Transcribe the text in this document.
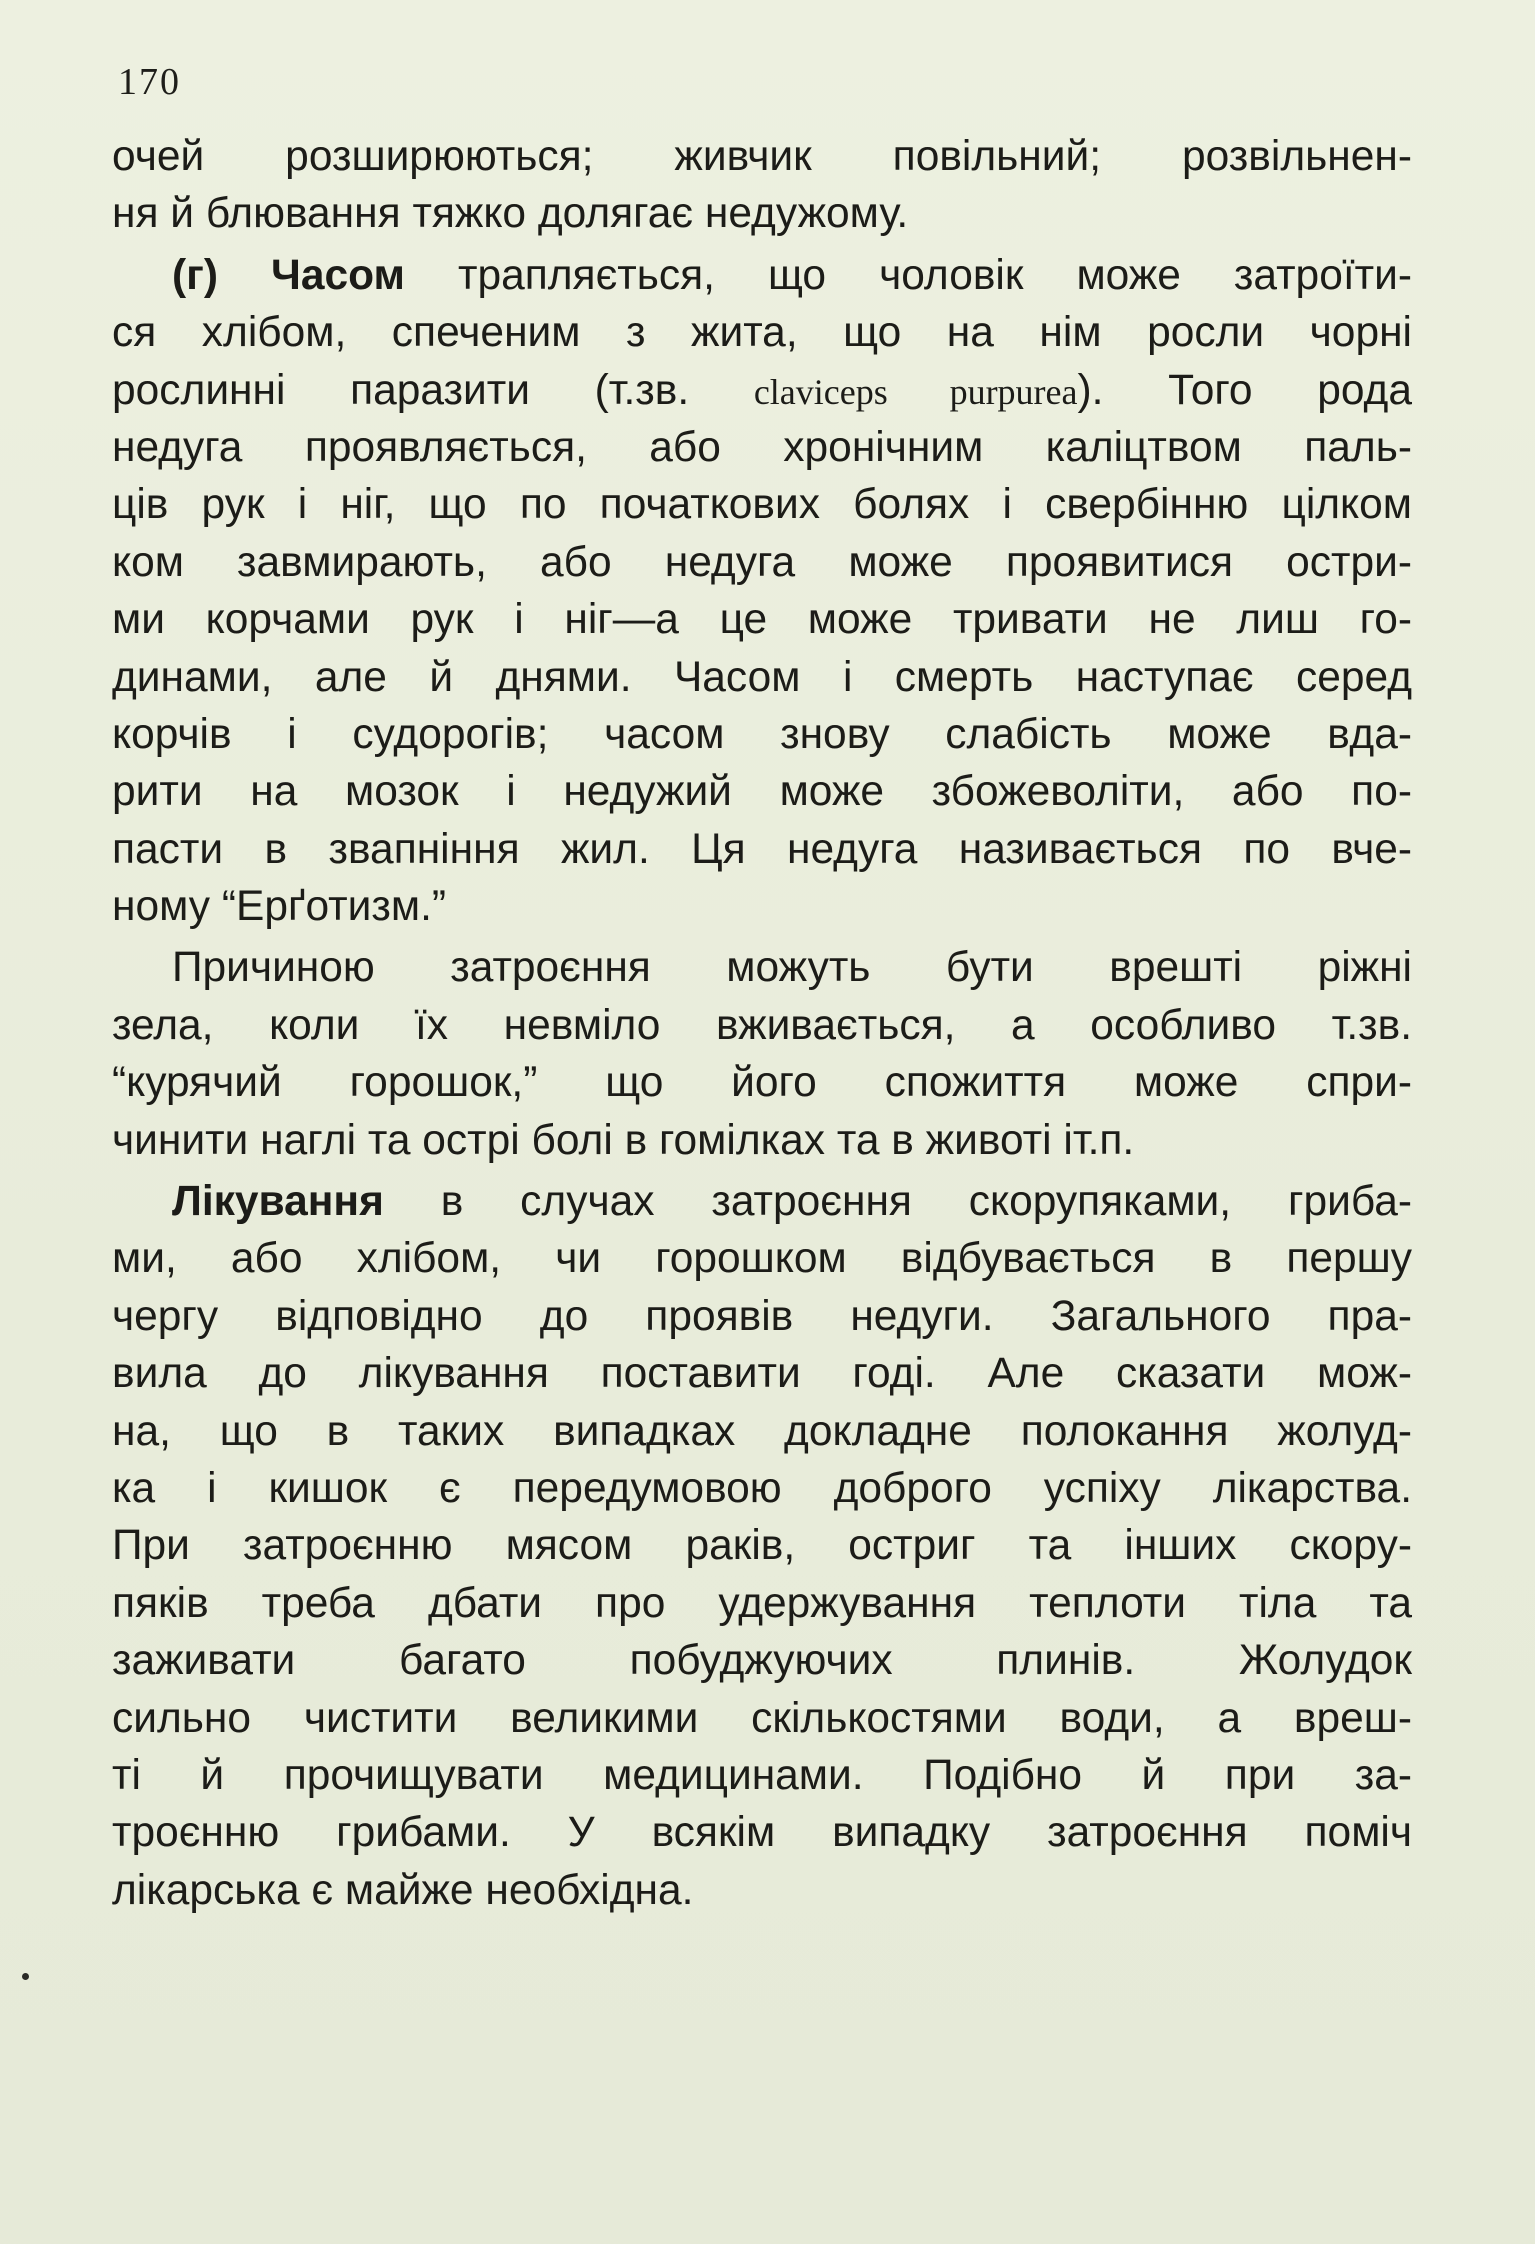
170
очей розширюються; живчик повільний; розвільнен-
ня й блювання тяжко долягає недужому.
(г) Часом трапляється, що чоловік може затроїти-
ся хлібом, спеченим з жита, що на нім росли чорні
рослинні паразити (т.зв. claviceps purpurea). Того рода
недуга проявляється, або хронічним каліцтвом паль-
ців рук і ніг, що по початкових болях і свербінню цілком
ком завмирають, або недуга може проявитися остри-
ми корчами рук і ніг—а це може тривати не лиш го-
динами, але й днями. Часом і смерть наступає серед
корчів і судорогів; часом знову слабість може вда-
рити на мозок і недужий може збожеволіти, або по-
пасти в звапніння жил. Ця недуга називається по вче-
ному “Ерґотизм.”
Причиною затроєння можуть бути врешті ріжні
зела, коли їх невміло вживається, а особливо т.зв.
“курячий горошок,” що його спожиття може спри-
чинити наглі та острі болі в гомілках та в животі іт.п.
Лікування в случах затроєння скорупяками, гриба-
ми, або хлібом, чи горошком відбувається в першу
чергу відповідно до проявів недуги. Загального пра-
вила до лікування поставити годі. Але сказати мож-
на, що в таких випадках докладне полокання жолуд-
ка і кишок є передумовою доброго успіху лікарства.
При затроєнню мясом раків, остриг та інших скору-
пяків треба дбати про удержування теплоти тіла та
заживати багато побуджуючих плинів. Жолудок
сильно чистити великими скількостями води, а вреш-
ті й прочищувати медицинами. Подібно й при за-
троєнню грибами. У всякім випадку затроєння поміч
лікарська є майже необхідна.
